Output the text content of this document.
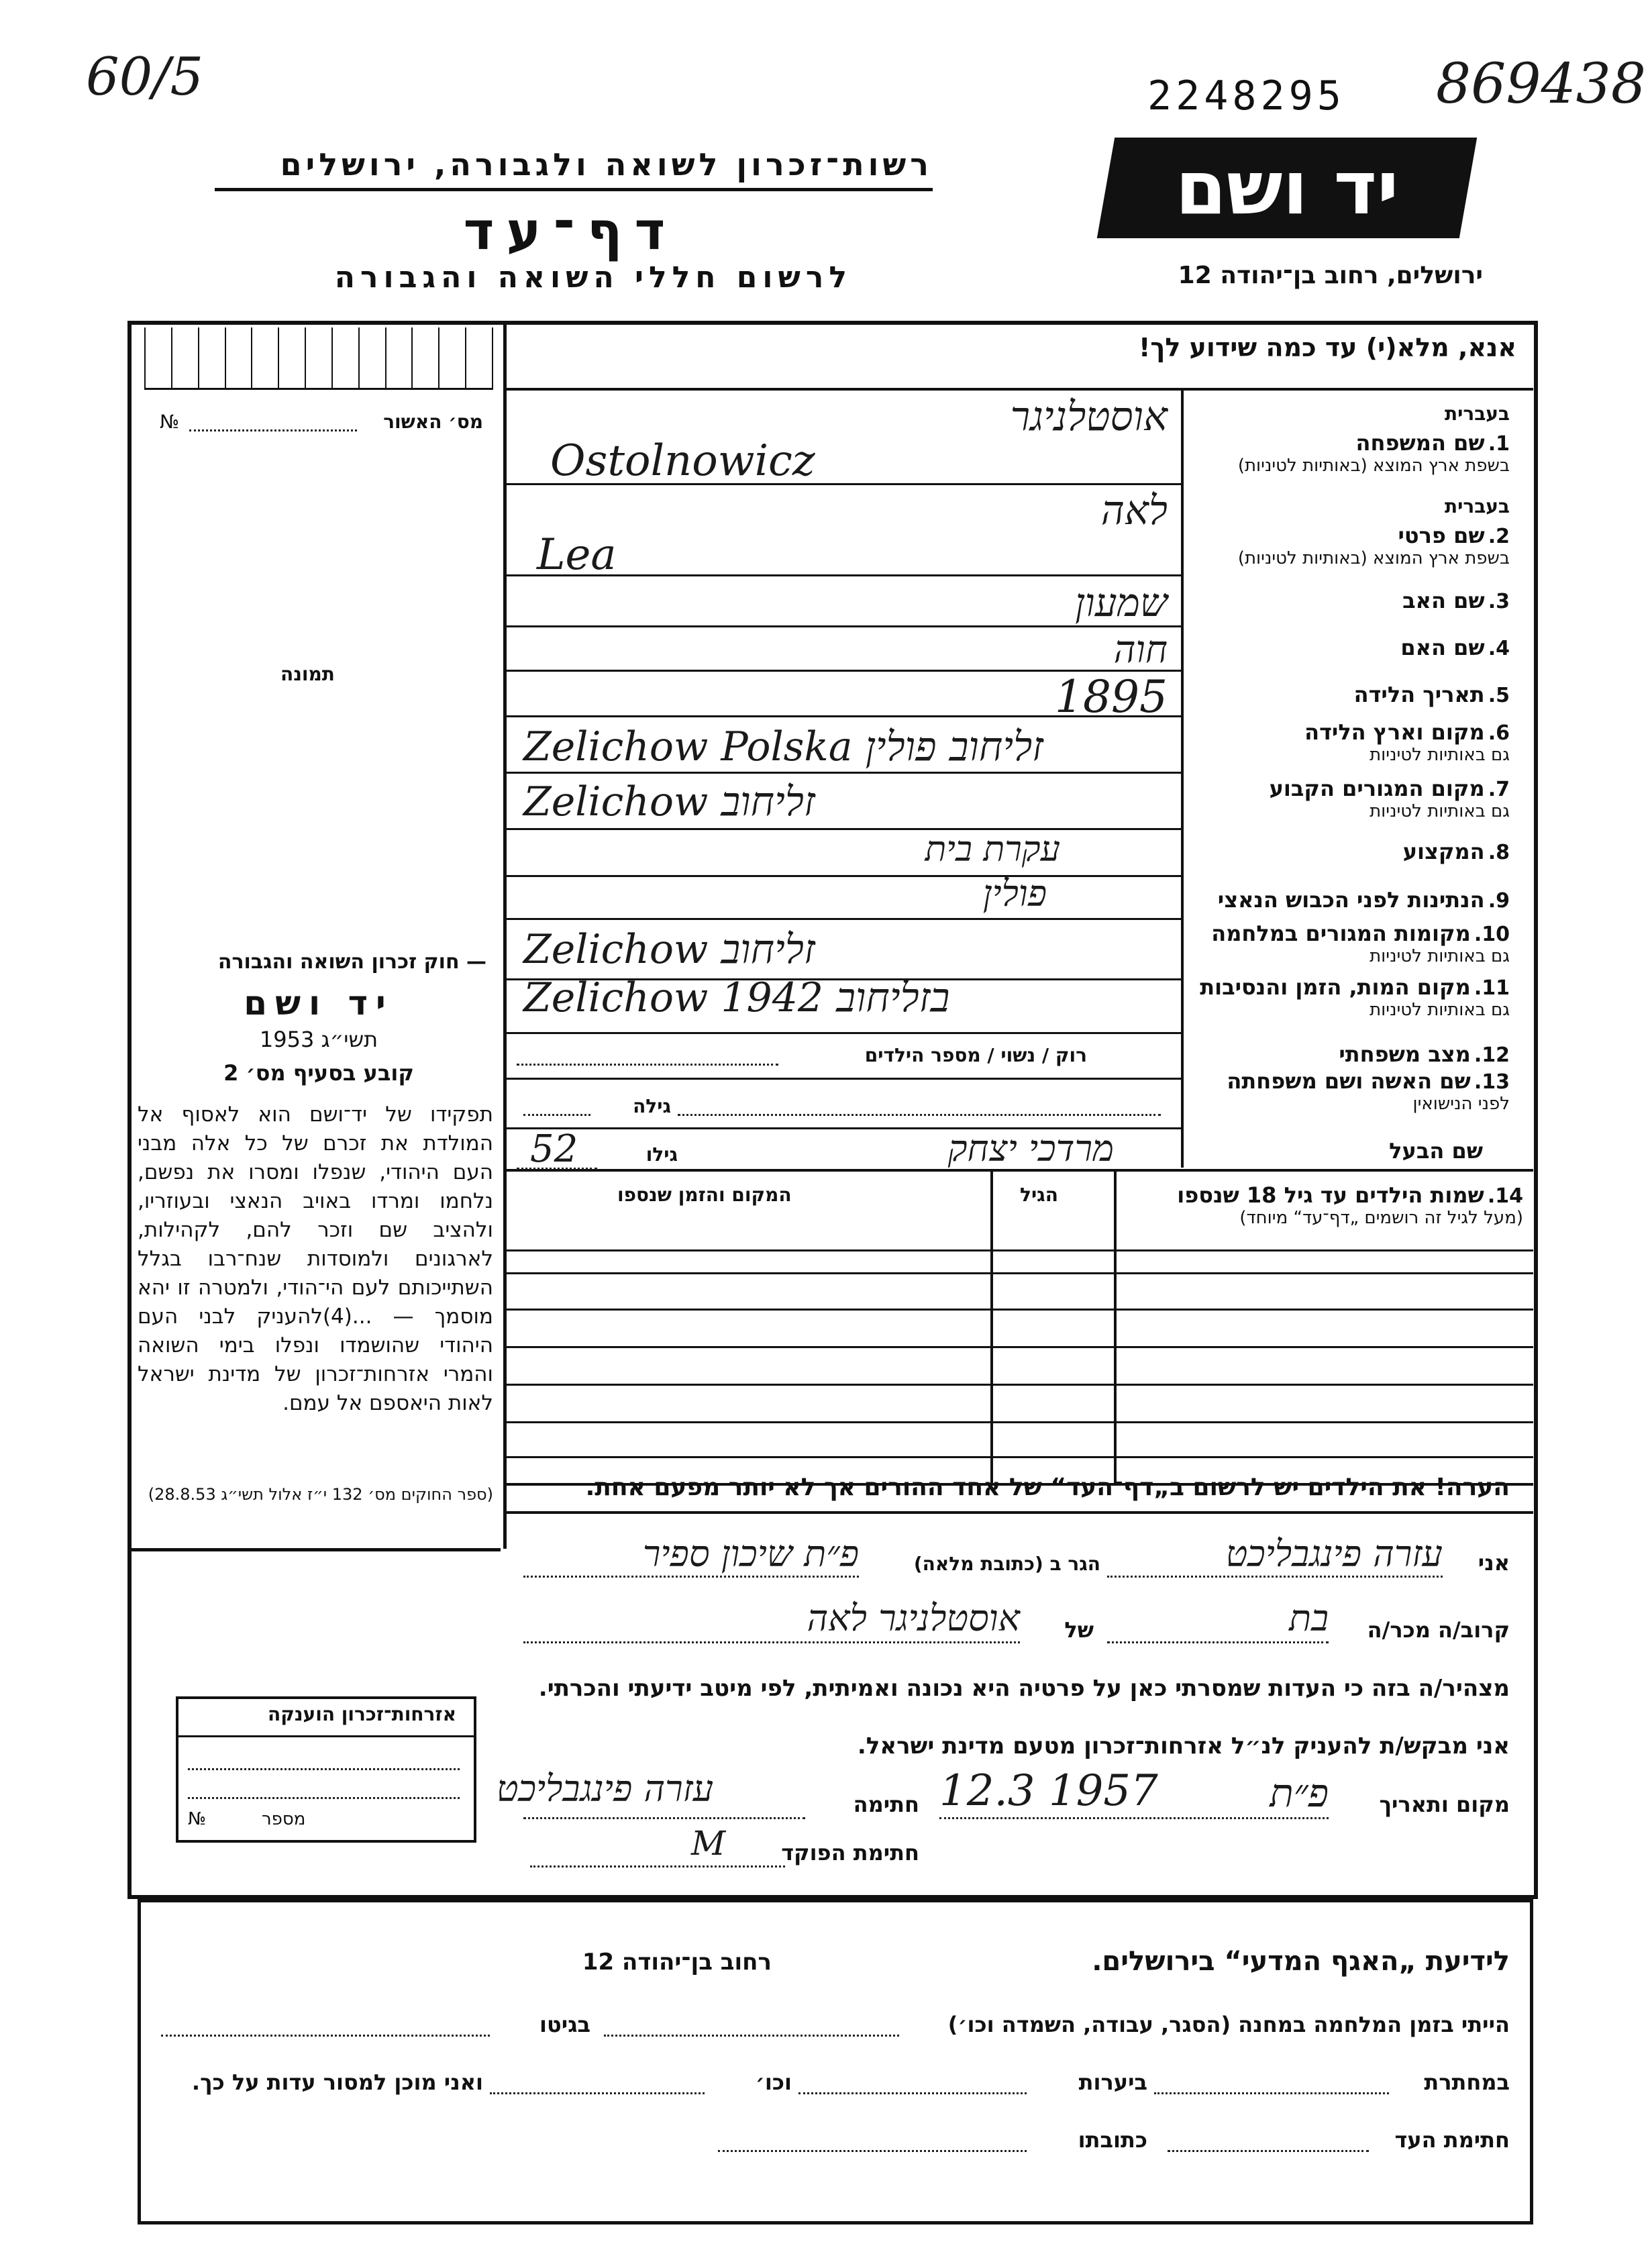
60/5	2248295 869438
רשות־זכרון לשואה ולגבורה, ירושלים
דף־עד
לרשום חללי השואה והגבורה
יד ושם
ירושלים, רחוב בן־יהודה 12
אנא, מלא(י) עד כמה שידוע לך!
№	מס׳ האשור
תמונה
— חוק זכרון השואה והגבורה
יד ושם
תשי״ג 1953
קובע בסעיף מס׳ 2
תפקידו של יד־ושם הוא לאסוף אל המולדת את זכרם של כל אלה מבני העם היהודי, שנפלו ומסרו את נפשם, נלחמו ומרדו באויב הנאצי ובעוזריו, ולהציב שם וזכר להם, לקהילות, לארגונים ולמוסדות שנח־רבו בגלל השתייכותם לעם הי־הודי, ולמטרה זו יהא מוסמך — ...(4)להעניק לבני העם היהודי שהושמדו ונפלו בימי השואה והמרי אזרחות־זכרון של מדינת ישראל לאות היאספם אל עמם.
(ספר החוקים מס׳ 132 י״ז אלול תשי״ג 28.8.53)
אזרחות־זכרון הוענקה
№	מספר
בעברית
1. שם המשפחה
בשפת ארץ המוצא (באותיות לטיניות)
אוסטלניגר
Ostolnowicz
בעברית
2. שם פרטי
בשפת ארץ המוצא (באותיות לטיניות)
לאה
Lea
3. שם האב
שמעון
4. שם האם
חוה
5. תאריך הלידה
1895
6. מקום וארץ הלידה
גם באותיות לטיניות
Zelichow Polska זליחוב פולין
7. מקום המגורים הקבוע
גם באותיות לטיניות
Zelichow זליחוב
8. המקצוע
עקרת בית
9. הנתינות לפני הכבוש הנאצי
פולין
10. מקומות המגורים במלחמה
גם באותיות לטיניות
Zelichow זליחוב
11. מקום המות, הזמן והנסיבות
גם באותיות לטיניות
Zelichow 1942 בזליחוב
12. מצב משפחתי
רוק / נשוי / מספר הילדים
13. שם האשה ושם משפחתה
לפני הנישואין
גילה
שם הבעל
מרדכי יצחק
גילו
52
14. שמות הילדים עד גיל 18 שנספו
(מעל לגיל זה רושמים „דף־עד“ מיוחד)
הגיל
המקום והזמן שנספו
הערה! את הילדים יש לרשום ב„דף־העד“ של אחד ההורים אך לא יותר מפעם אחת.
אני
עזרה פינגבליכט
הגר ב (כתובת מלאה)
פ״ת שיכון ספיר
קרוב/ה מכר/ה
בת
של
אוסטלניגר לאה
מצהיר/ה בזה כי העדות שמסרתי כאן על פרטיה היא נכונה ואמיתית, לפי מיטב ידיעתי והכרתי.
אני מבקש/ת להעניק לנ״ל אזרחות־זכרון מטעם מדינת ישראל.
מקום ותאריך
פ״ת
12.3 1957
חתימה
עזרה פינגבליכט
חתימת הפוקד
M
לידיעת „האגף המדעי“ בירושלים.
רחוב בן־יהודה 12
הייתי בזמן המלחמה במחנה (הסגר, עבודה, השמדה וכו׳)
בגיטו
במחתרת
ביערות
וכו׳
ואני מוכן למסור עדות על כך.
חתימת העד
כתובתו
